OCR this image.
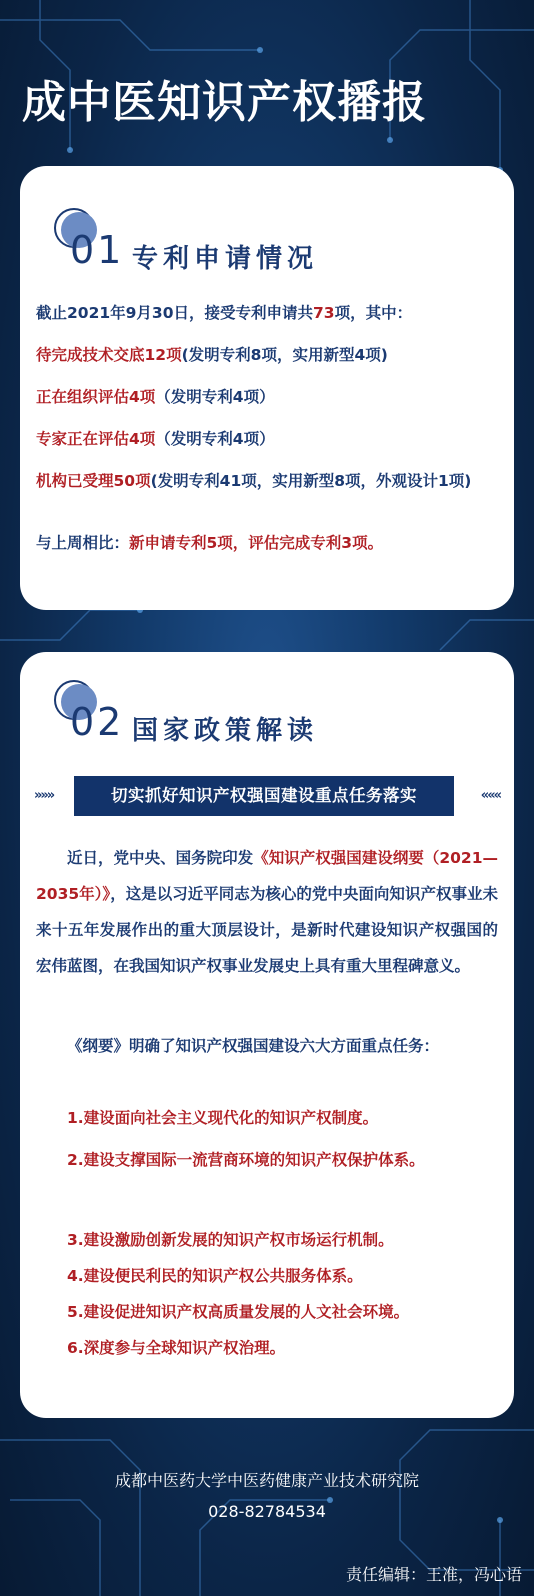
成中医知识产权播报
01 专利申请情况

截止2021年9月30日，接受专利申请共73项，其中：

待完成技术交底12项(发明专利8项，实用新型4项)

正在组织评估4项（发明专利4项）

专家正在评估4项（发明专利4项）

机构已受理50项(发明专利41项，实用新型8项，外观设计1项)

与上周相比：新申请专利5项，评估完成专利3项。

02 国家政策解读
»»»	切实抓好知识产权强国建设重点任务落实	«««

近日，党中央、国务院印发《知识产权强国建设纲要（2021—2035年）》，这是以习近平同志为核心的党中央面向知识产权事业未来十五年发展作出的重大顶层设计，是新时代建设知识产权强国的宏伟蓝图，在我国知识产权事业发展史上具有重大里程碑意义。

《纲要》明确了知识产权强国建设六大方面重点任务：

1.建设面向社会主义现代化的知识产权制度。

2.建设支撑国际一流营商环境的知识产权保护体系。

3.建设激励创新发展的知识产权市场运行机制。

4.建设便民利民的知识产权公共服务体系。

5.建设促进知识产权高质量发展的人文社会环境。

6.深度参与全球知识产权治理。

成都中医药大学中医药健康产业技术研究院
028-82784534
责任编辑：王准，冯心语
